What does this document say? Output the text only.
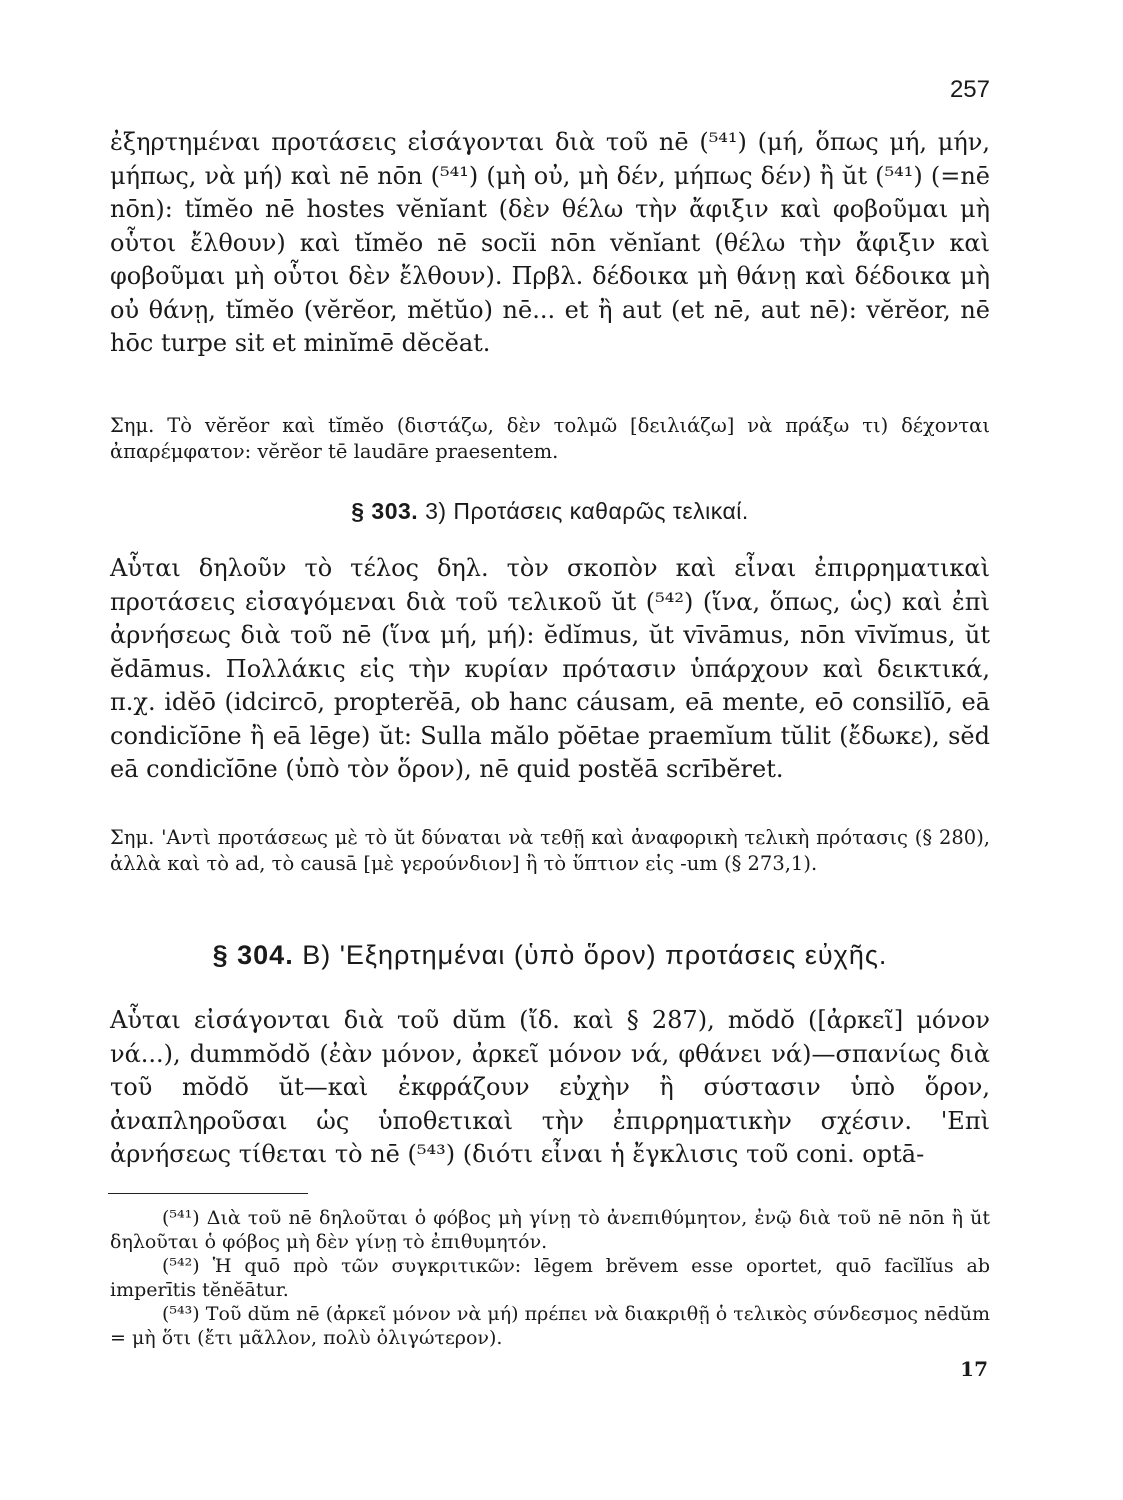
257

ἐξηρτημέναι προτάσεις εἰσάγονται διὰ τοῦ nē (⁵⁴¹) (μή, ὅπως μή, μήν, μήπως, νὰ μή) καὶ nē nōn (⁵⁴¹) (μὴ οὐ, μὴ δέν, μήπως δέν) ἢ ŭt (⁵⁴¹) (=nē nōn): tĭmĕo nē hostes vĕnĭant (δὲν θέλω τὴν ἄφιξιν καὶ φοβοῦμαι μὴ οὗτοι ἔλθουν) καὶ tĭmĕo nē socĭi nōn vĕnĭant (θέλω τὴν ἄφιξιν καὶ φοβοῦμαι μὴ οὗτοι δὲν ἔλθουν). Πρβλ. δέδοικα μὴ θάνῃ καὶ δέδοικα μὴ οὐ θάνῃ, tĭmĕo (vĕrĕor, mĕtŭo) nē... et ἢ aut (et nē, aut nē): vĕrĕor, nē hōc turpe sit et minĭmē dĕcĕat.

Σημ. Τὸ vĕrĕor καὶ tĭmĕo (διστάζω, δὲν τολμῶ [δειλιάζω] νὰ πράξω τι) δέχονται ἀπαρέμφατον: vĕrĕor tē laudāre praesentem.

§ 303. 3) Προτάσεις καθαρῶς τελικαί.

Αὗται δηλοῦν τὸ τέλος δηλ. τὸν σκοπὸν καὶ εἶναι ἐπιρρηματικαὶ προτάσεις εἰσαγόμεναι διὰ τοῦ τελικοῦ ŭt (⁵⁴²) (ἵνα, ὅπως, ὡς) καὶ ἐπὶ ἀρνήσεως διὰ τοῦ nē (ἵνα μή, μή): ĕdĭmus, ŭt vīvāmus, nōn vīvĭmus, ŭt ĕdāmus. Πολλάκις εἰς τὴν κυρίαν πρότασιν ὑπάρχουν καὶ δεικτικά, π.χ. idĕō (idcircō, propterĕā, ob hanc cáusam, eā mente, eō consilĭō, eā condicĭōne ἢ eā lēge) ŭt: Sulla mălo pŏētae praemĭum tŭlit (ἔδωκε), sĕd eā condicĭōne (ὑπὸ τὸν ὅρον), nē quid postĕā scrībĕret.

Σημ. 'Αντὶ προτάσεως μὲ τὸ ŭt δύναται νὰ τεθῇ καὶ ἀναφορικὴ τελικὴ πρότασις (§ 280), ἀλλὰ καὶ τὸ ad, τὸ causā [μὲ γερούνδιον] ἢ τὸ ὕπτιον εἰς -um (§ 273,1).

§ 304. Β) 'Εξηρτημέναι (ὑπὸ ὅρον) προτάσεις εὐχῆς.

Αὗται εἰσάγονται διὰ τοῦ dŭm (ἴδ. καὶ § 287), mŏdŏ ([ἀρκεῖ] μόνον νά...), dummŏdŏ (ἐὰν μόνον, ἀρκεῖ μόνον νά, φθάνει νά)—σπανίως διὰ τοῦ mŏdŏ ŭt—καὶ ἐκφράζουν εὐχὴν ἢ σύστασιν ὑπὸ ὅρον, ἀναπληροῦσαι ὡς ὑποθετικαὶ τὴν ἐπιρρηματικὴν σχέσιν. 'Επὶ ἀρνήσεως τίθεται τὸ nē (⁵⁴³) (διότι εἶναι ἡ ἔγκλισις τοῦ coni. optā-

(⁵⁴¹) Διὰ τοῦ nē δηλοῦται ὁ φόβος μὴ γίνῃ τὸ ἀνεπιθύμητον, ἐνῷ διὰ τοῦ nē nōn ἢ ŭt δηλοῦται ὁ φόβος μὴ δὲν γίνῃ τὸ ἐπιθυμητόν.

(⁵⁴²) Ἡ quō πρὸ τῶν συγκριτικῶν: lēgem brĕvem esse oportet, quō facĭlĭus ab imperītis tĕnĕātur.

(⁵⁴³) Τοῦ dŭm nē (ἀρκεῖ μόνον νὰ μή) πρέπει νὰ διακριθῇ ὁ τελικὸς σύνδεσμος nēdŭm = μὴ ὅτι (ἔτι μᾶλλον, πολὺ ὀλιγώτερον).

17
